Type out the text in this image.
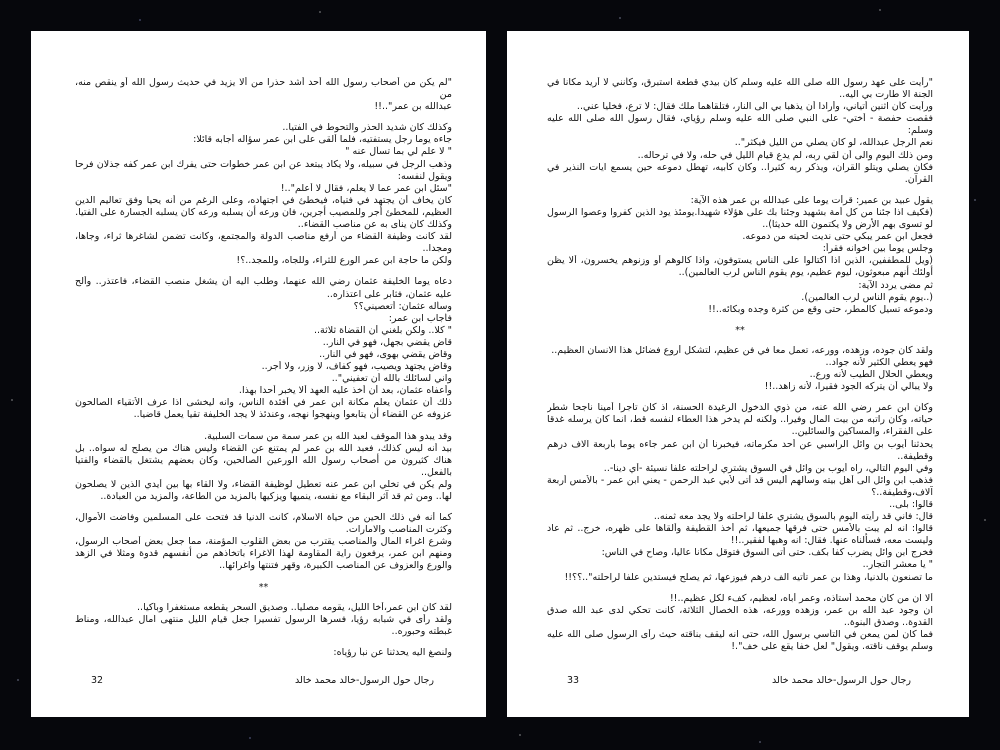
"لم يكن من أصحاب رسول الله أحد أشد حذرا من ألا يزيد في حديث رسول الله أو ينقص منه، من
عبدالله بن عمر"..!!
وكذلك كان شديد الحذر والتحوط في الفتيا..
جاءه يوما رجل يستفتيه، فلما ألقى على ابن عمر سؤاله أجابه قائلا:
" لا علم لي بما تسأل عنه "
وذهب الرجل في سبيله، ولا يكاد يبتعد عن ابن عمر خطوات حتى يفرك ابن عمر كفه جذلان فرحا ويقول لنفسه:
"سئل ابن عمر عما لا يعلم، فقال لا أعلم"..!
كان يخاف أن يجتهد في فتياه، فيخطئ في اجتهاده، وعلى الرغم من أنه يحيا وفق تعاليم الدين العظيم، للمخطئ أجر وللمصيب أجرين، فان ورعه أن يسلبه ورعه كان يسلبه الجسارة على الفتيا.
وكذلك كان ينأى به عن مناصب القضاء..
لقد كانت وظيفة القضاء من أرفع مناصب الدولة والمجتمع، وكانت تضمن لشاغرها ثراء، وجاها، ومجدا..
ولكن ما حاجة ابن عمر الورع للثراء، وللجاه، وللمجد..؟!
دعاه يوما الخليفة عثمان رضي الله عنهما، وطلب اليه أن يشغل منصب القضاء، فاعتذر.. وألح عليه عثمان، فثابر على اعتذاره..
وسأله عثمان: أتعصيني؟؟
فأجاب ابن عمر:
" كلا.. ولكن بلغني أن القضاة ثلاثة..
قاض يقضي بجهل، فهو في النار..
وقاض يقضي بهوى، فهو في النار..
وقاض يجتهد ويصيب، فهو كفاف، لا وزر، ولا أجر..
واني لسائلك بالله أن تعفيني"..
وأعفاه عثمان، بعد أن أخذ عليه العهد ألا يخبر أحدا بهذا.
ذلك أن عثمان يعلم مكانة ابن عمر في أفئدة الناس، وانه ليخشى اذا عرف الأتقياء الصالحون عزوفه عن القضاء أن يتابعوا وينهجوا نهجه، وعندئذ لا يجد الخليفة تقيا يعمل قاضيا..
وقد يبدو هذا الموقف لعبد الله بن عمر سمة من سمات السلبية.
بيد أنه ليس كذلك، فعبد الله بن عمر لم يمتنع عن القضاء وليس هناك من يصلح له سواه.. بل هناك كثيرون من أصحاب رسول الله الورعين الصالحين، وكان بعضهم يشتغل بالقضاء والفتيا بالفعل..
ولم يكن في تخلي ابن عمر عنه تعطيل لوظيفة القضاء، ولا القاء بها بين أيدي الذين لا يصلحون لها.. ومن ثم قد آثر البقاء مع نفسه، ينميها ويزكيها بالمزيد من الطاعة، والمزيد من العبادة..
كما أنه في ذلك الحين من حياة الاسلام، كانت الدنيا قد فتحت على المسلمين وفاضت الأموال، وكثرت المناصب والامارات.
وشرع اغراء المال والمناصب يقترب من بعض القلوب المؤمنة، مما جعل بعض أصحاب الرسول، ومنهم ابن عمر، يرفعون راية المقاومة لهذا الاغراء باتخاذهم من أنفسهم قدوة ومثلا في الزهد والورع والعزوف عن المناصب الكبيرة، وقهر فتنتها واغرائها..
**
لقد كان ابن عمر،أخا الليل، يقومه مصليا.. وصديق السحر يقطعه مستغفرا وباكيا..
ولقد رأى في شبابه رؤيا، فسرها الرسول تفسيرا جعل قيام الليل منتهى آمال عبدالله، ومناط غبطته وحبوره..
ولنصغ اليه يحدثنا عن نبأ رؤياه:
32	رجال حول الرسول-خالد محمد خالد
"رأيت على عهد رسول الله صلى الله عليه وسلم كأن بيدي قطعة استبرق، وكأنني لا أريد مكانا في الجنة الا طارت بي اليه..
ورأيت كأن اثنين أتياني، وأرادا أن يذهبا بي الى النار، فتلقاهما ملك فقال: لا ترع، فخليا عني..
فقصت حفصة - أختي- على النبي صلى الله عليه وسلم رؤياي، فقال رسول الله صلى الله عليه وسلم:
نعم الرجل عبدالله، لو كان يصلي من الليل فيكثر"..
ومن ذلك اليوم والى أن لقي ربه، لم يدع قيام الليل في حله، ولا في ترحاله..
فكان يصلي ويتلو القرآن، ويذكر ربه كثيرا.. وكان كأبيه، تهطل دموعه حين يسمع آيات النذير في القرآن.
يقول عبيد بن عمير: قرأت يوما على عبدالله بن عمر هذه الآية:
(فكيف اذا جئنا من كل أمة بشهيد وجئنا بك على هؤلاء شهيدا.يومئذ يود الذين كفروا وعصوا الرسول لو تسوى بهم الأرض ولا يكتمون الله حديثا)..
فجعل ابن عمر يبكي حتى نديت لحيته من دموعه.
وجلس يوما بين اخوانه فقرأ:
(ويل للمطففين، الذين اذا اكتالوا على الناس يستوفون، واذا كالوهم أو وزنوهم يخسرون، ألا يظن أولئك أنهم مبعوثون، ليوم عظيم، يوم يقوم الناس لرب العالمين)..
ثم مضى يردد الآية:
(..يوم يقوم الناس لرب العالمين).
ودموعه تسيل كالمطر، حتى وقع من كثرة وجده وبكائه..!!
**
ولقد كان جوده، وزهده، وورعه، تعمل معا في فن عظيم، لتشكل أروع فضائل هذا الانسان العظيم..
فهو يعطي الكثير لأنه جواد..
ويعطي الحلال الطيب لأنه ورع..
ولا يبالي أن يتركه الجود فقيرا، لأنه زاهد..!!
وكان ابن عمر رضي الله عنه، من ذوي الدخول الرغيدة الحسنة، اذ كان تاجرا أمينا ناجحا شطر حياته، وكان راتبه من بيت المال وفيرا.. ولكنه لم يدخر هذا العطاء لنفسه قط، انما كان يرسله غدقا على الفقراء، والمساكين والسائلين..
يحدثنا أيوب بن وائل الراسبي عن أحد مكرماته، فيخبرنا أن ابن عمر جاءه يوما بأربعة آلاف درهم وقطيفة..
وفي اليوم التالي، رآه أيوب بن وائل في السوق يشتري لراحلته علفا نسيئة -أي دينا-..
فذهب ابن وائل الى أهل بيته وسألهم أليس قد أتى لأبي عبد الرحمن - يعني ابن عمر - بالأمس أربعة آلاف،وقطيفة..؟
قالوا: بلى..
قال: فاني قد رأيته اليوم بالسوق يشتري علفا لراحلته ولا يجد معه ثمنه..
قالوا: انه لم يبت بالأمس حتى فرقها جميعها، ثم أخذ القطيفة وألقاها على ظهره، خرج.. ثم عاد وليست معه، فسألناه عنها. فقال: انه وهبها لفقير..!!
فخرج ابن وائل يضرب كفا بكف. حتى أتى السوق فتوقل مكانا عاليا، وصاح في الناس:
" يا معشر التجار..
ما تصنعون بالدنيا، وهذا بن عمر تأتيه الف درهم فيوزعها، ثم يصلح فيستدين علفا لراحلته"..؟؟!!
ألا ان من كان محمد أستاذه، وعمر أباه، لعظيم، كفء لكل عظيم..!!
ان وجود عبد الله بن عمر، وزهده وورعه، هذه الخصال الثلاثة، كانت تحكي لدى عبد الله صدق القدوة.. وصدق البنوة..
فما كان لمن يمعن في التأسي برسول الله، حتى انه ليقف بناقته حيث رأى الرسول صلى الله عليه وسلم يوقف ناقته. ويقول" لعل خفا يقع على خف".!
33	رجال حول الرسول-خالد محمد خالد
